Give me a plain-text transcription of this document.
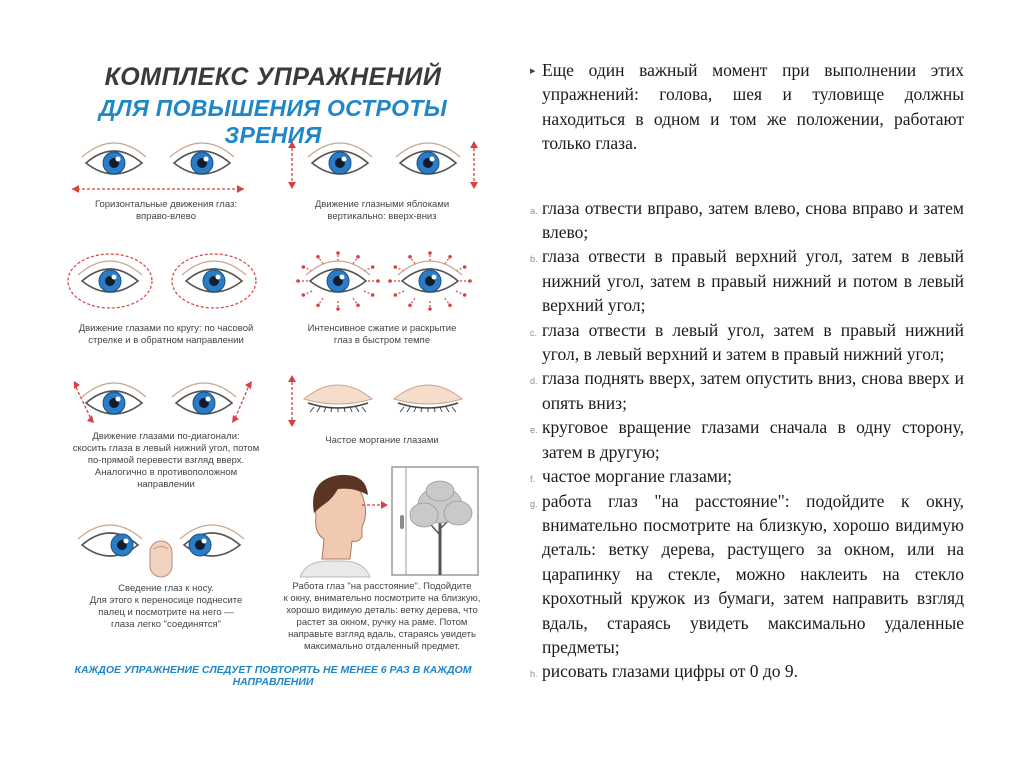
КОМПЛЕКС УПРАЖНЕНИЙ
ДЛЯ ПОВЫШЕНИЯ ОСТРОТЫ ЗРЕНИЯ
Горизонтальные движения глаз:
вправо-влево
Движение глазными яблоками
вертикально: вверх-вниз
Движение глазами по кругу: по часовой
стрелке и в обратном направлении
Интенсивное сжатие и раскрытие
глаз в быстром темпе
Движение глазами по-диагонали:
скосить глаза в левый нижний угол, потом
по-прямой перевести взгляд вверх.
Аналогично в противоположном
направлении
Частое моргание глазами
Сведение глаз к носу.
Для этого к переносице поднесите
палец и посмотрите на него —
глаза легко "соединятся"
Работа глаз "на расстояние". Подойдите
к окну, внимательно посмотрите на близкую,
хорошо видимую деталь: ветку дерева, что
растет за окном, ручку на раме. Потом
направьте взгляд вдаль, стараясь увидеть
максимально отдаленный предмет.
КАЖДОЕ УПРАЖНЕНИЕ СЛЕДУЕТ ПОВТОРЯТЬ НЕ МЕНЕЕ 6 РАЗ В КАЖДОМ НАПРАВЛЕНИИ
▸ Еще один важный момент при выполнении этих упражнений: голова, шея и туловище должны находиться в одном и том же положении, работают только глаза.
a. глаза отвести вправо, затем влево, снова вправо и затем влево;
b. глаза отвести в правый верхний угол, затем в левый нижний угол, затем в правый нижний и потом в левый верхний угол;
c. глаза отвести в левый угол, затем в правый нижний угол, в левый верхний и затем в правый нижний угол;
d. глаза поднять вверх, затем опустить вниз, снова вверх и опять вниз;
e. круговое вращение глазами сначала в одну сторону, затем в другую;
f. частое моргание глазами;
g. работа глаз "на расстояние": подойдите к окну, внимательно посмотрите на близкую, хорошо видимую деталь: ветку дерева, растущего за окном, или на царапинку на стекле, можно наклеить на стекло крохотный кружок из бумаги, затем направить взгляд вдаль, стараясь увидеть максимально удаленные предметы;
h. рисовать глазами цифры от 0 до 9.
